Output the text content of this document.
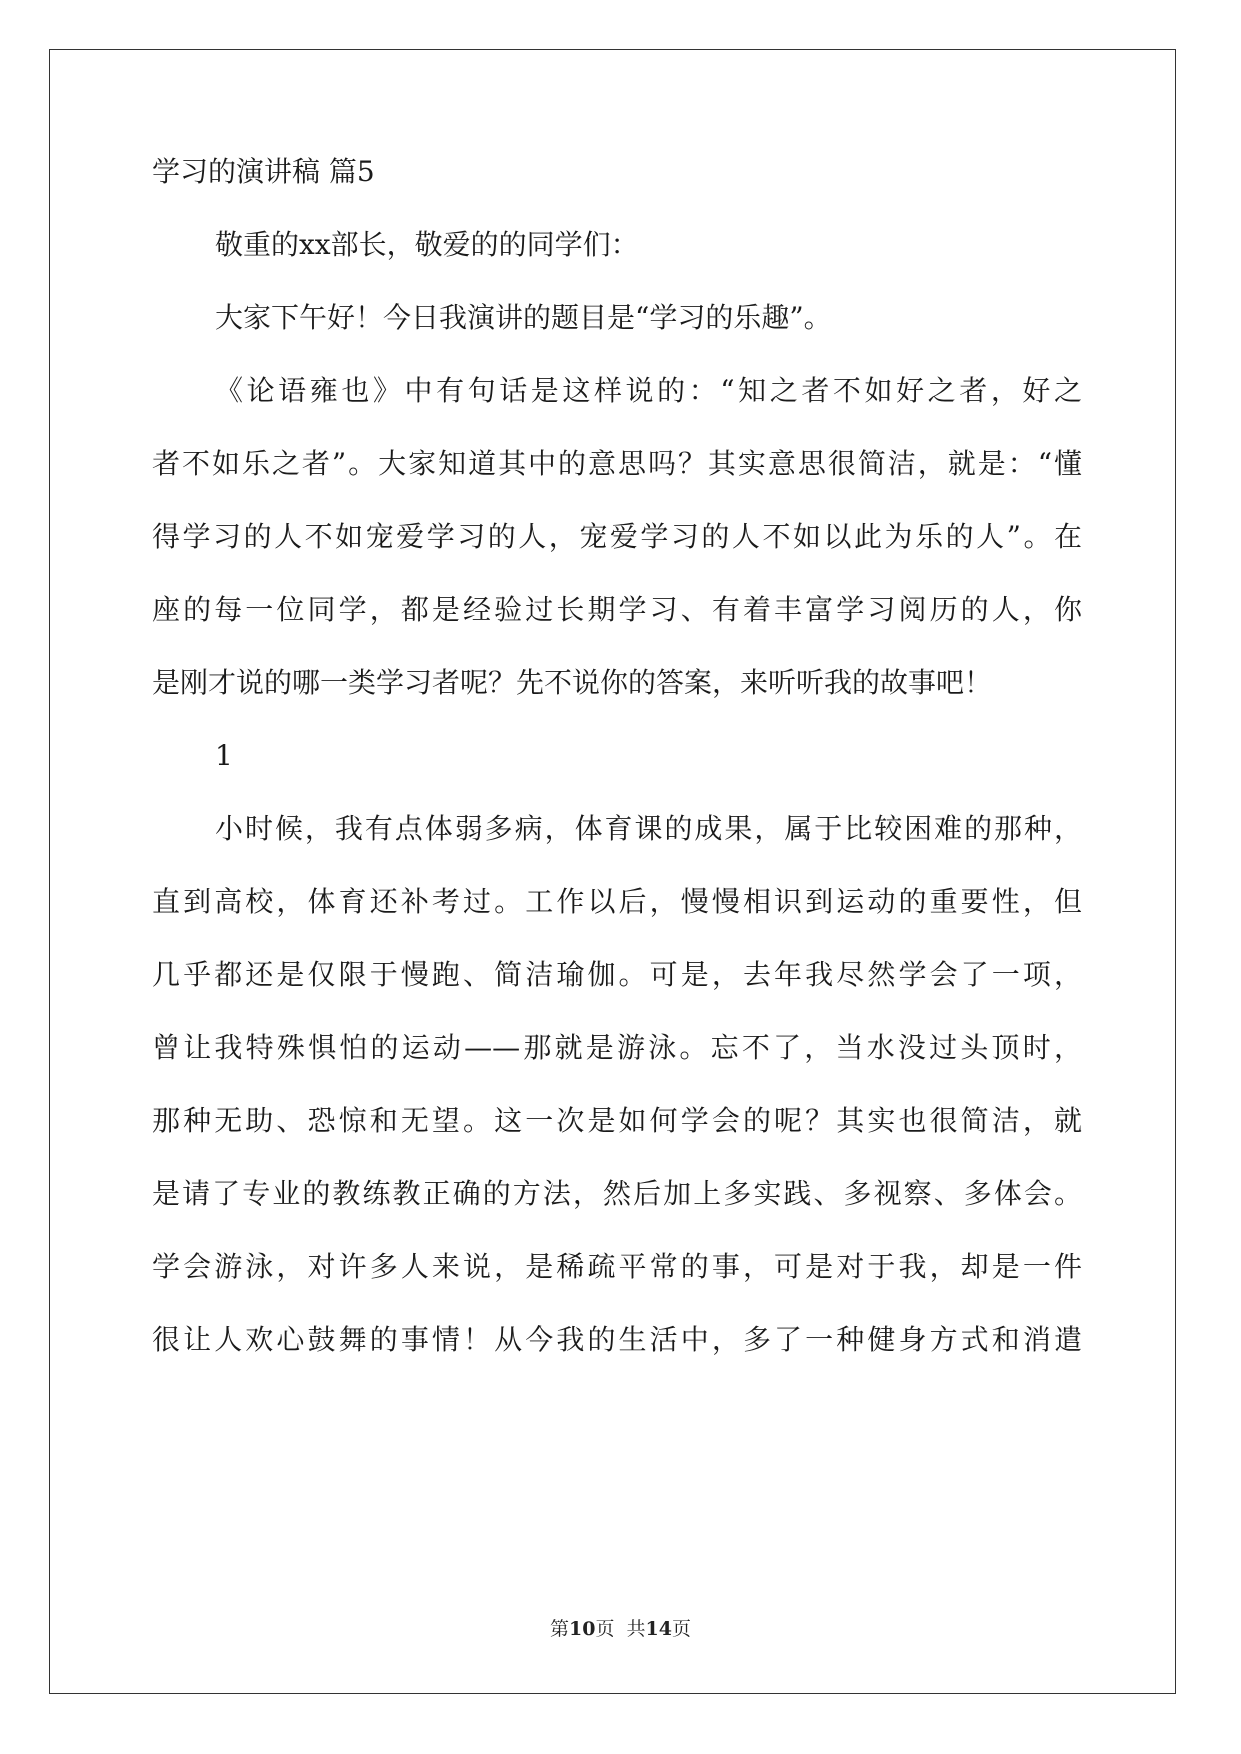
学习的演讲稿 篇5
敬重的xx部长，敬爱的的同学们：
大家下午好！今日我演讲的题目是“学习的乐趣”。
《论语雍也》中有句话是这样说的：“知之者不如好之者，好之
者不如乐之者”。大家知道其中的意思吗？其实意思很简洁，就是：“懂
得学习的人不如宠爱学习的人，宠爱学习的人不如以此为乐的人”。在
座的每一位同学，都是经验过长期学习、有着丰富学习阅历的人，你
是刚才说的哪一类学习者呢？先不说你的答案，来听听我的故事吧！
1
小时候，我有点体弱多病，体育课的成果，属于比较困难的那种，
直到高校，体育还补考过。工作以后，慢慢相识到运动的重要性，但
几乎都还是仅限于慢跑、简洁瑜伽。可是，去年我尽然学会了一项，
曾让我特殊惧怕的运动——那就是游泳。忘不了，当水没过头顶时，
那种无助、恐惊和无望。这一次是如何学会的呢？其实也很简洁，就
是请了专业的教练教正确的方法，然后加上多实践、多视察、多体会。
学会游泳，对许多人来说，是稀疏平常的事，可是对于我，却是一件
很让人欢心鼓舞的事情！从今我的生活中，多了一种健身方式和消遣
第10页  共14页
